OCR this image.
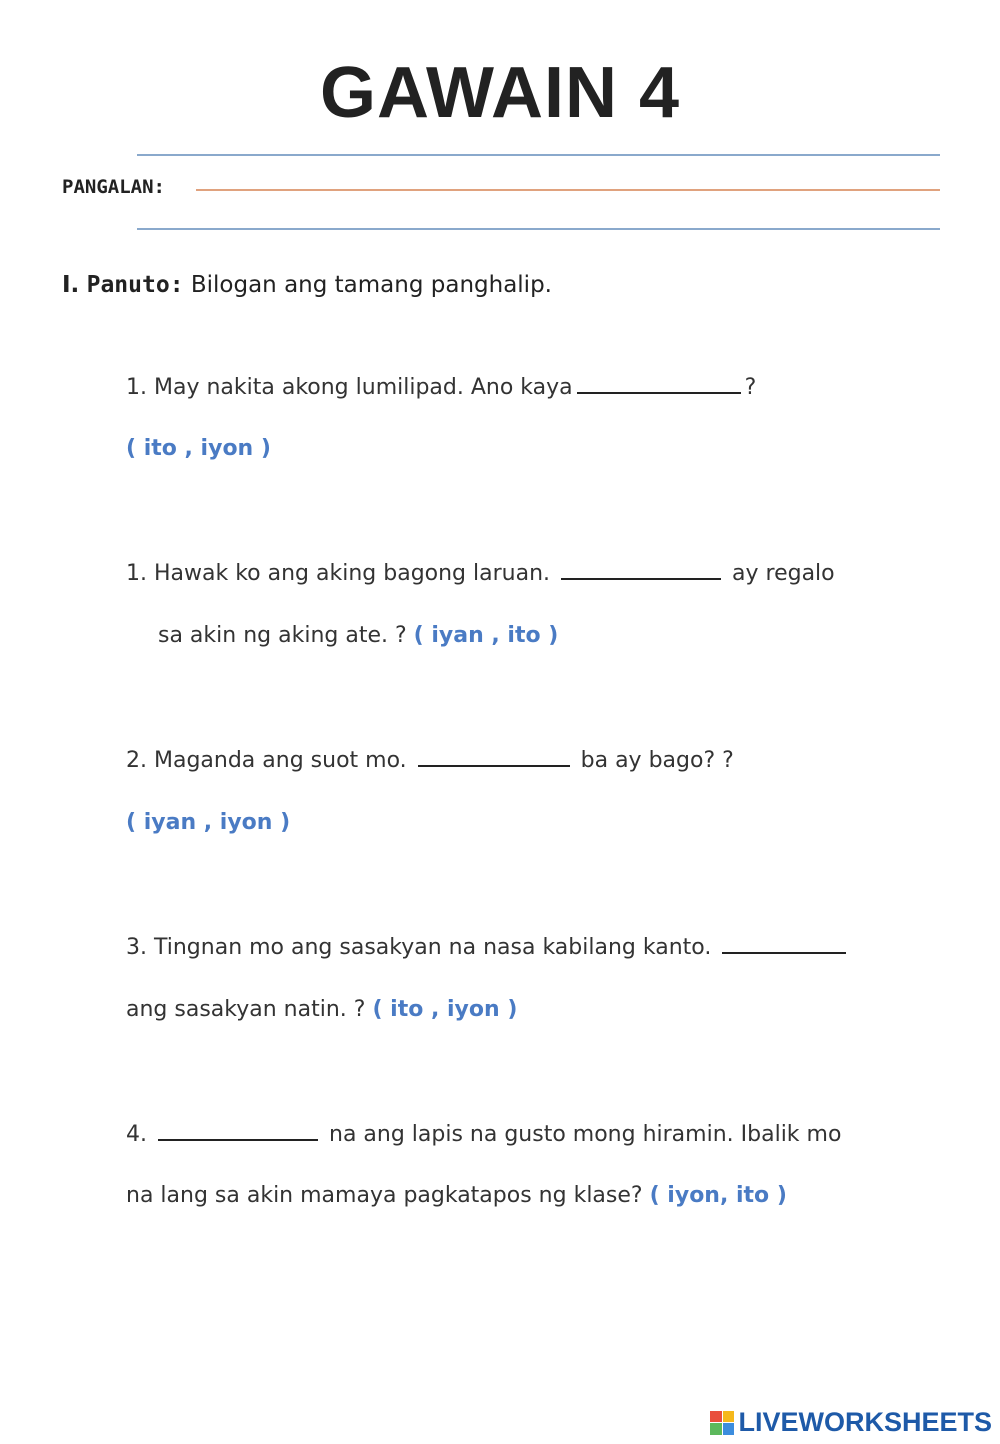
GAWAIN 4
PANGALAN:
I. Panuto: Bilogan ang tamang panghalip.
1. May nakita akong lumilipad. Ano kaya	?
( ito , iyon )
1. Hawak ko ang aking bagong laruan.	ay regalo
sa akin ng aking ate. ? ( iyan , ito )
2. Maganda ang suot mo.	ba ay bago? ?
( iyan , iyon )
3. Tingnan mo ang sasakyan na nasa kabilang kanto.
ang sasakyan natin. ? ( ito , iyon )
4.	na ang lapis na gusto mong hiramin. Ibalik mo
na lang sa akin mamaya pagkatapos ng klase? ( iyon, ito )
LIVEWORKSHEETS
